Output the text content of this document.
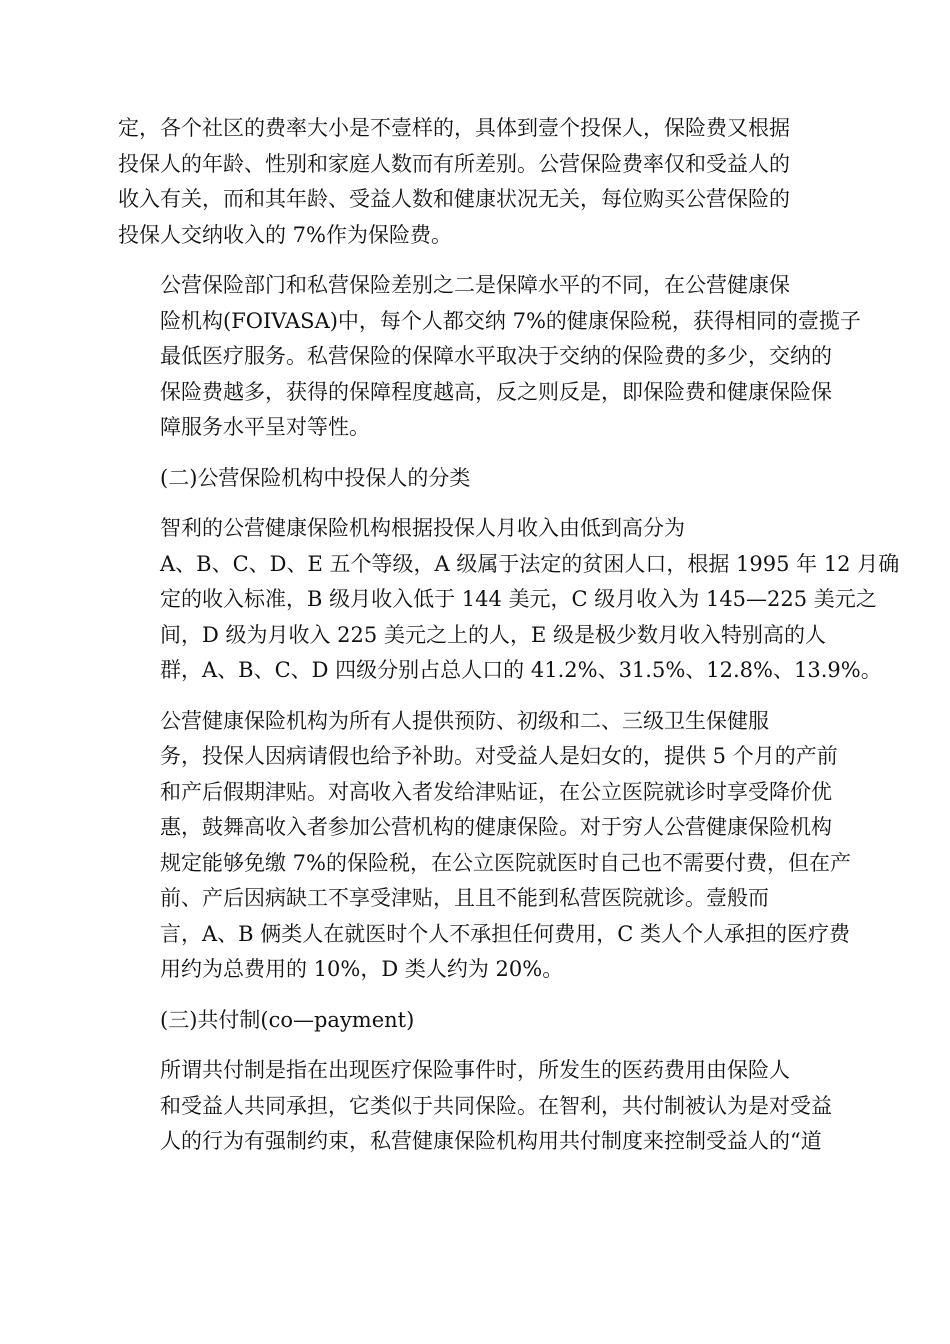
定，各个社区的费率大小是不壹样的，具体到壹个投保人，保险费又根据
投保人的年龄、性别和家庭人数而有所差别。公营保险费率仅和受益人的
收入有关，而和其年龄、受益人数和健康状况无关，每位购买公营保险的
投保人交纳收入的 7%作为保险费。

公营保险部门和私营保险差别之二是保障水平的不同，在公营健康保
险机构(FOIVASA)中，每个人都交纳 7%的健康保险税，获得相同的壹揽子
最低医疗服务。私营保险的保障水平取决于交纳的保险费的多少，交纳的
保险费越多，获得的保障程度越高，反之则反是，即保险费和健康保险保
障服务水平呈对等性。

(二)公营保险机构中投保人的分类

智利的公营健康保险机构根据投保人月收入由低到高分为
A、B、C、D、E 五个等级，A 级属于法定的贫困人口，根据 1995 年 12 月确
定的收入标准，B 级月收入低于 144 美元，C 级月收入为 145—225 美元之
间，D 级为月收入 225 美元之上的人，E 级是极少数月收入特别高的人
群，A、B、C、D 四级分别占总人口的 41.2%、31.5%、12.8%、13.9%。

公营健康保险机构为所有人提供预防、初级和二、三级卫生保健服
务，投保人因病请假也给予补助。对受益人是妇女的，提供 5 个月的产前
和产后假期津贴。对高收入者发给津贴证，在公立医院就诊时享受降价优
惠，鼓舞高收入者参加公营机构的健康保险。对于穷人公营健康保险机构
规定能够免缴 7%的保险税，在公立医院就医时自己也不需要付费，但在产
前、产后因病缺工不享受津贴，且且不能到私营医院就诊。壹般而
言，A、B 俩类人在就医时个人不承担任何费用，C 类人个人承担的医疗费
用约为总费用的 10%，D 类人约为 20%。

(三)共付制(co—payment)

所谓共付制是指在出现医疗保险事件时，所发生的医药费用由保险人
和受益人共同承担，它类似于共同保险。在智利，共付制被认为是对受益
人的行为有强制约束，私营健康保险机构用共付制度来控制受益人的“道
